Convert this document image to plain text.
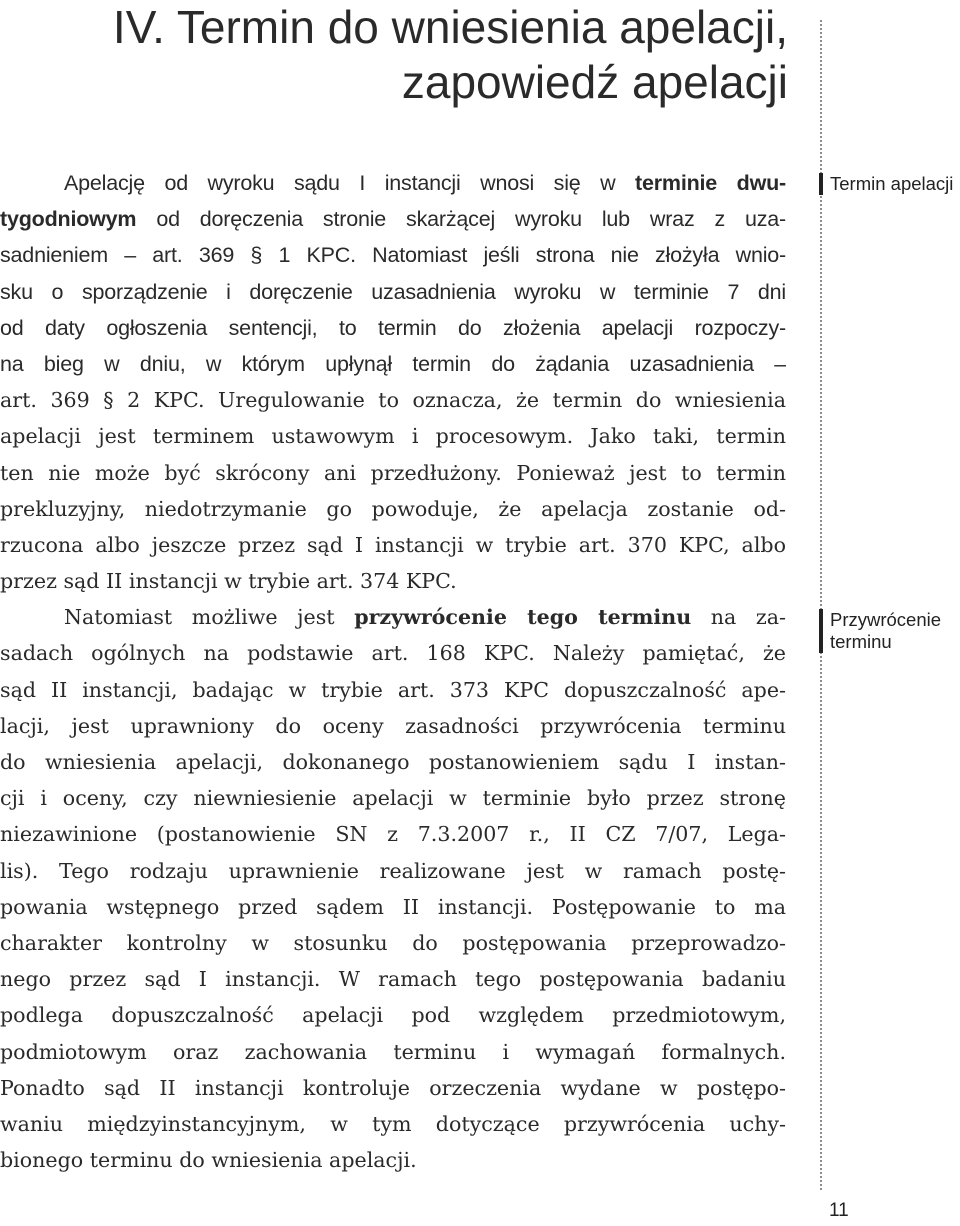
IV. Termin do wniesienia apelacji,
zapowiedź apelacji
Termin apelacji
Przywrócenie
terminu
Apelację od wyroku sądu I instancji wnosi się w terminie dwu-
tygodniowym od doręczenia stronie skarżącej wyroku lub wraz z uza-
sadnieniem – art. 369 § 1 KPC. Natomiast jeśli strona nie złożyła wnio-
sku o sporządzenie i doręczenie uzasadnienia wyroku w terminie 7 dni
od daty ogłoszenia sentencji, to termin do złożenia apelacji rozpoczy-
na bieg w dniu, w którym upłynął termin do żądania uzasadnienia –
art. 369 § 2 KPC. Uregulowanie to oznacza, że termin do wniesienia
apelacji jest terminem ustawowym i procesowym. Jako taki, termin
ten nie może być skrócony ani przedłużony. Ponieważ jest to termin
prekluzyjny, niedotrzymanie go powoduje, że apelacja zostanie od-
rzucona albo jeszcze przez sąd I instancji w trybie art. 370 KPC, albo
przez sąd II instancji w trybie art. 374 KPC.
Natomiast możliwe jest przywrócenie tego terminu na za-
sadach ogólnych na podstawie art. 168 KPC. Należy pamiętać, że
sąd II instancji, badając w trybie art. 373 KPC dopuszczalność ape-
lacji, jest uprawniony do oceny zasadności przywrócenia terminu
do wniesienia apelacji, dokonanego postanowieniem sądu I instan-
cji i oceny, czy niewniesienie apelacji w terminie było przez stronę
niezawinione (postanowienie SN z 7.3.2007 r., II CZ 7/07, Lega-
lis). Tego rodzaju uprawnienie realizowane jest w ramach postę-
powania wstępnego przed sądem II instancji. Postępowanie to ma
charakter kontrolny w stosunku do postępowania przeprowadzo-
nego przez sąd I instancji. W ramach tego postępowania badaniu
podlega dopuszczalność apelacji pod względem przedmiotowym,
podmiotowym oraz zachowania terminu i wymagań formalnych.
Ponadto sąd II instancji kontroluje orzeczenia wydane w postępo-
waniu międzyinstancyjnym, w tym dotyczące przywrócenia uchy-
bionego terminu do wniesienia apelacji.
11
